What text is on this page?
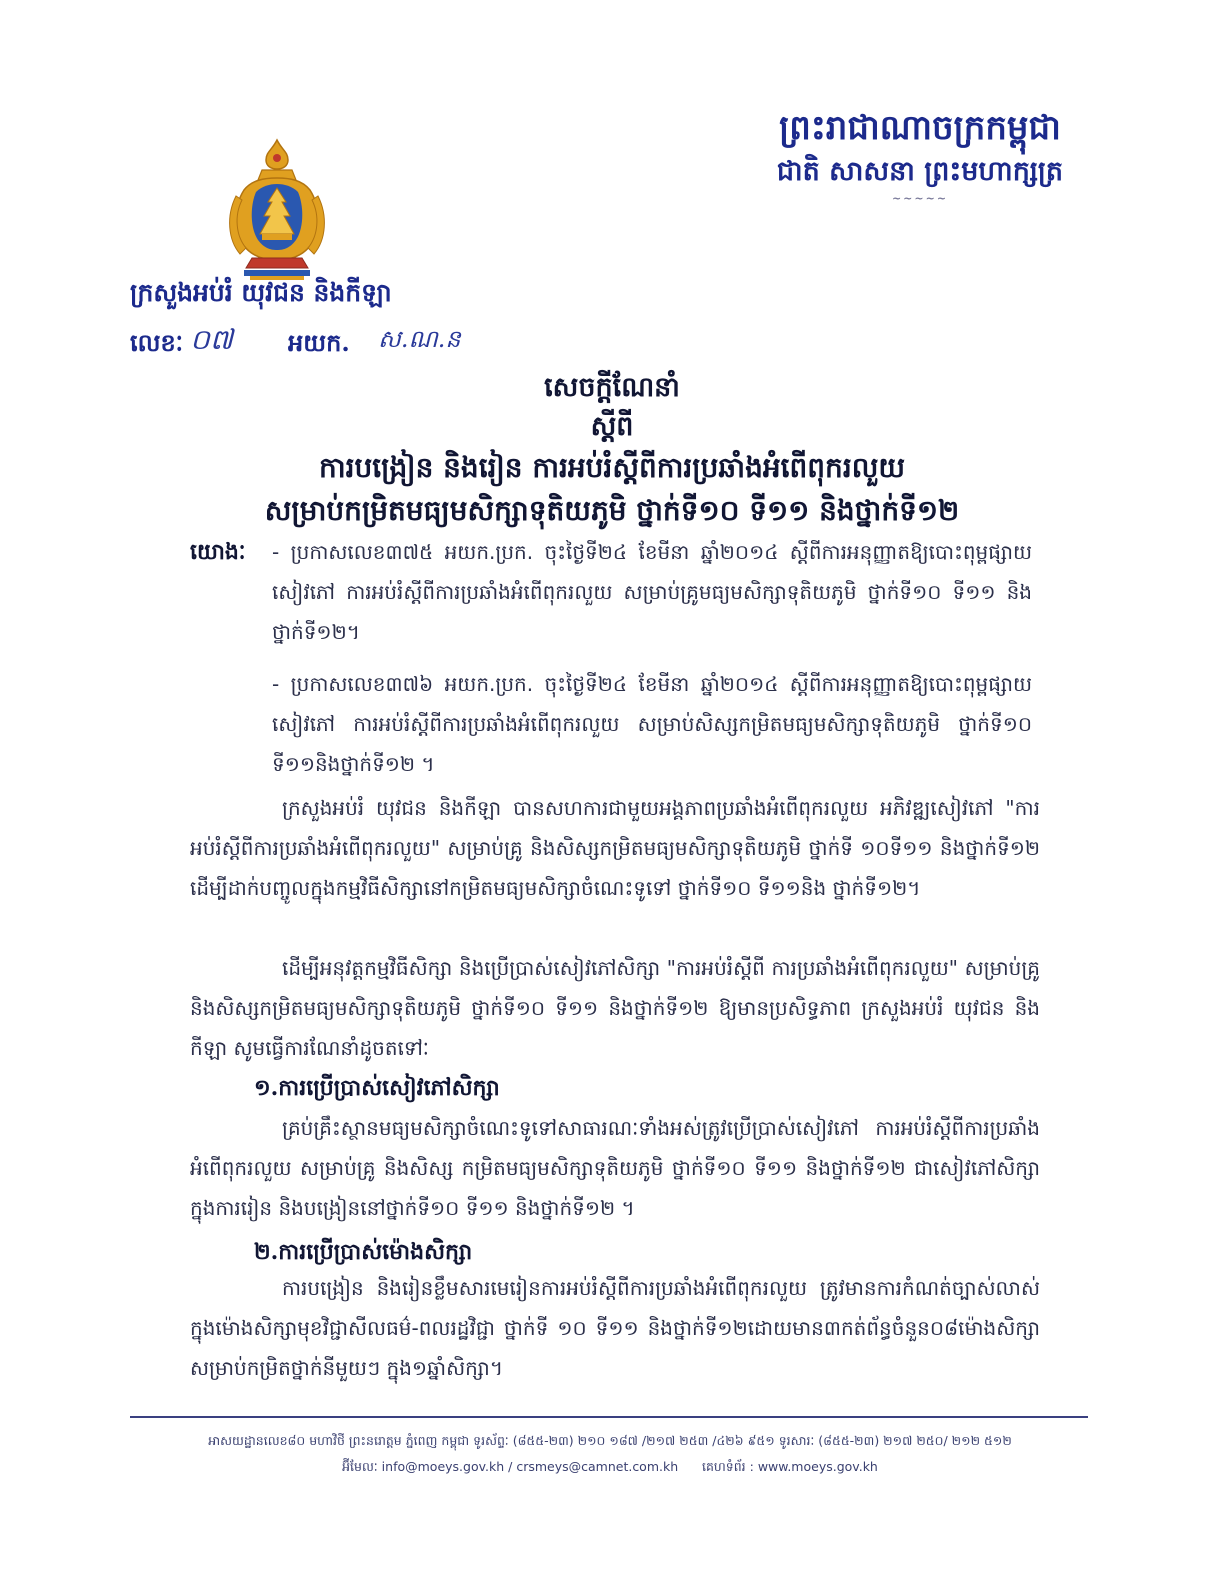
ព្រះរាជាណាចក្រកម្ពុជា
ជាតិ សាសនា ព្រះមហាក្សត្រ
~~~~~
ក្រសួងអប់រំ យុវជន និងកីឡា
លេខៈ ០៧ អយក. ស.ណ.ន
សេចក្តីណែនាំ
ស្តីពី
ការបង្រៀន និងរៀន ការអប់រំស្តីពីការប្រឆាំងអំពើពុករលួយ
សម្រាប់កម្រិតមធ្យមសិក្សាទុតិយភូមិ ថ្នាក់ទី១០ ទី១១ និងថ្នាក់ទី១២
យោងៈ - ប្រកាសលេខ៣៧៥ អយក.ប្រក. ចុះថ្ងៃទី២៤ ខែមីនា ឆ្នាំ២០១៤ ស្តីពីការអនុញ្ញាតឱ្យបោះពុម្ពផ្សាយសៀវភៅ ការអប់រំស្តីពីការប្រឆាំងអំពើពុករលួយ សម្រាប់គ្រូមធ្យមសិក្សាទុតិយភូមិ ថ្នាក់ទី១០ ទី១១ និងថ្នាក់ទី១២។
- ប្រកាសលេខ៣៧៦ អយក.ប្រក. ចុះថ្ងៃទី២៤ ខែមីនា ឆ្នាំ២០១៤ ស្តីពីការអនុញ្ញាតឱ្យបោះពុម្ពផ្សាយសៀវភៅ ការអប់រំស្តីពីការប្រឆាំងអំពើពុករលួយ សម្រាប់សិស្សកម្រិតមធ្យមសិក្សាទុតិយភូមិ ថ្នាក់ទី១០ ទី១១និងថ្នាក់ទី១២ ។

ក្រសួងអប់រំ យុវជន និងកីឡា បានសហការជាមួយអង្គភាពប្រឆាំងអំពើពុករលួយ អភិវឌ្ឍសៀវភៅ "ការអប់រំស្តីពីការប្រឆាំងអំពើពុករលួយ" សម្រាប់គ្រូ និងសិស្សកម្រិតមធ្យមសិក្សាទុតិយភូមិ ថ្នាក់ទី ១០ទី១១ និងថ្នាក់ទី១២ ដើម្បីដាក់បញ្ចូលក្នុងកម្មវិធីសិក្សានៅកម្រិតមធ្យមសិក្សាចំណេះទូទៅ ថ្នាក់ទី១០ ទី១១និង ថ្នាក់ទី១២។

ដើម្បីអនុវត្តកម្មវិធីសិក្សា និងប្រើប្រាស់សៀវភៅសិក្សា "ការអប់រំស្តីពី ការប្រឆាំងអំពើពុករលួយ" សម្រាប់គ្រូ និងសិស្សកម្រិតមធ្យមសិក្សាទុតិយភូមិ ថ្នាក់ទី១០ ទី១១ និងថ្នាក់ទី១២ ឱ្យមានប្រសិទ្ធភាព ក្រសួងអប់រំ យុវជន និងកីឡា សូមធ្វើការណែនាំដូចតទៅៈ

១.ការប្រើប្រាស់សៀវភៅសិក្សា

គ្រប់គ្រឹះស្ថានមធ្យមសិក្សាចំណេះទូទៅសាធារណៈទាំងអស់ត្រូវប្រើប្រាស់សៀវភៅ ការអប់រំស្តីពីការប្រឆាំងអំពើពុករលួយ សម្រាប់គ្រូ និងសិស្ស កម្រិតមធ្យមសិក្សាទុតិយភូមិ ថ្នាក់ទី១០ ទី១១ និងថ្នាក់ទី១២ ជាសៀវភៅសិក្សា ក្នុងការរៀន និងបង្រៀននៅថ្នាក់ទី១០ ទី១១ និងថ្នាក់ទី១២ ។

២.ការប្រើប្រាស់ម៉ោងសិក្សា

ការបង្រៀន និងរៀនខ្លឹមសារមេរៀនការអប់រំស្តីពីការប្រឆាំងអំពើពុករលួយ ត្រូវមានការកំណត់ច្បាស់លាស់ ក្នុងម៉ោងសិក្សាមុខវិជ្ជាសីលធម៌-ពលរដ្ឋវិជ្ជា ថ្នាក់ទី ១០ ទី១១ និងថ្នាក់ទី១២ដោយមាន៣កត់ព័ន្ធចំនួន០៨ម៉ោងសិក្សាសម្រាប់កម្រិតថ្នាក់នីមួយៗ ក្នុង១ឆ្នាំសិក្សា។

អាសយដ្ឋានលេខ៨០ មហាវិថី ព្រះនរោត្តម ភ្នំពេញ កម្ពុជា ទូរស័ព្ទៈ (៨៥៥-២៣) ២១០ ១៨៧ /២១៧ ២៥៣ /៤២៦ ៩៥១ ទូរសារៈ (៨៥៥-២៣) ២១៧ ២៥០/ ២១២ ៥១២
អ៊ីមែលៈ info@moeys.gov.kh / crsmeys@camnet.com.kh គេហទំព័រ : www.moeys.gov.kh
